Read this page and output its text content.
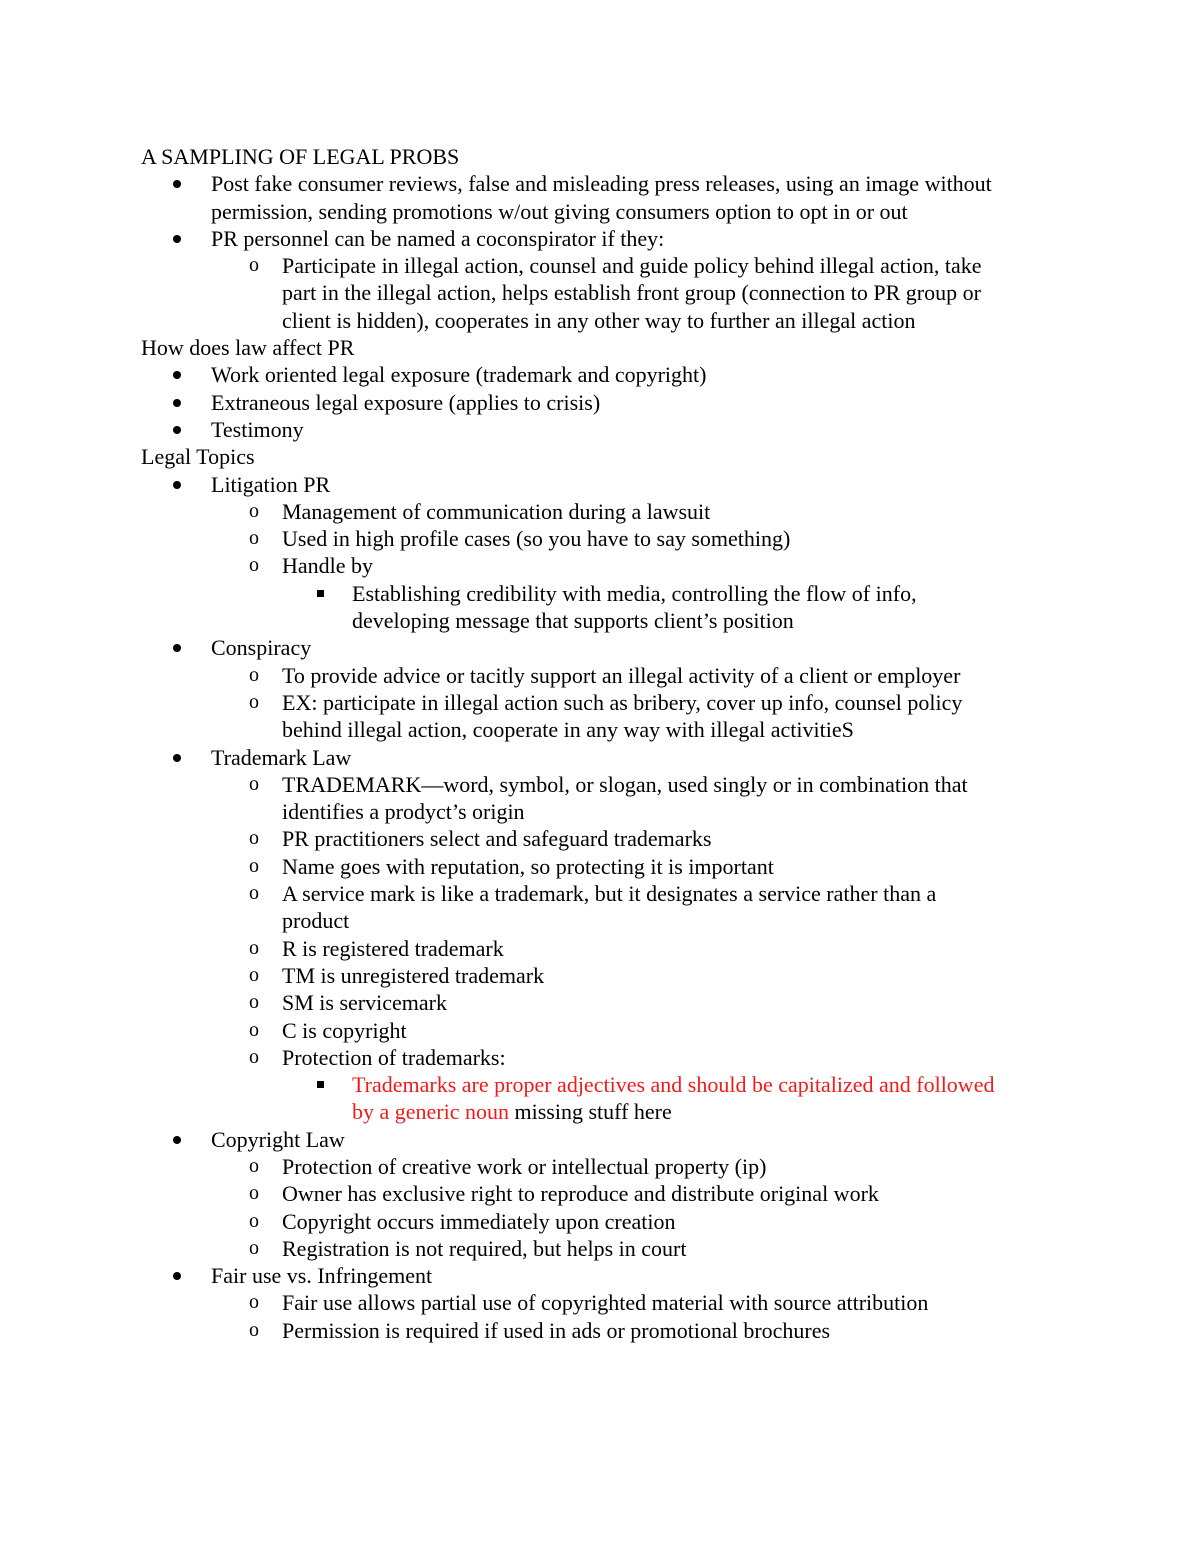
A SAMPLING OF LEGAL PROBS
Post fake consumer reviews, false and misleading press releases, using an image without
permission, sending promotions w/out giving consumers option to opt in or out
PR personnel can be named a coconspirator if they:
o Participate in illegal action, counsel and guide policy behind illegal action, take
part in the illegal action, helps establish front group (connection to PR group or
client is hidden), cooperates in any other way to further an illegal action
How does law affect PR
Work oriented legal exposure (trademark and copyright)
Extraneous legal exposure (applies to crisis)
Testimony
Legal Topics
Litigation PR
o Management of communication during a lawsuit
o Used in high profile cases (so you have to say something)
o Handle by
Establishing credibility with media, controlling the flow of info,
developing message that supports client’s position
Conspiracy
o To provide advice or tacitly support an illegal activity of a client or employer
o EX: participate in illegal action such as bribery, cover up info, counsel policy
behind illegal action, cooperate in any way with illegal activitieS
Trademark Law
o TRADEMARK—word, symbol, or slogan, used singly or in combination that
identifies a prodyct’s origin
o PR practitioners select and safeguard trademarks
o Name goes with reputation, so protecting it is important
o A service mark is like a trademark, but it designates a service rather than a
product
o R is registered trademark
o TM is unregistered trademark
o SM is servicemark
o C is copyright
o Protection of trademarks:
Trademarks are proper adjectives and should be capitalized and followed
by a generic noun missing stuff here
Copyright Law
o Protection of creative work or intellectual property (ip)
o Owner has exclusive right to reproduce and distribute original work
o Copyright occurs immediately upon creation
o Registration is not required, but helps in court
Fair use vs. Infringement
o Fair use allows partial use of copyrighted material with source attribution
o Permission is required if used in ads or promotional brochures
